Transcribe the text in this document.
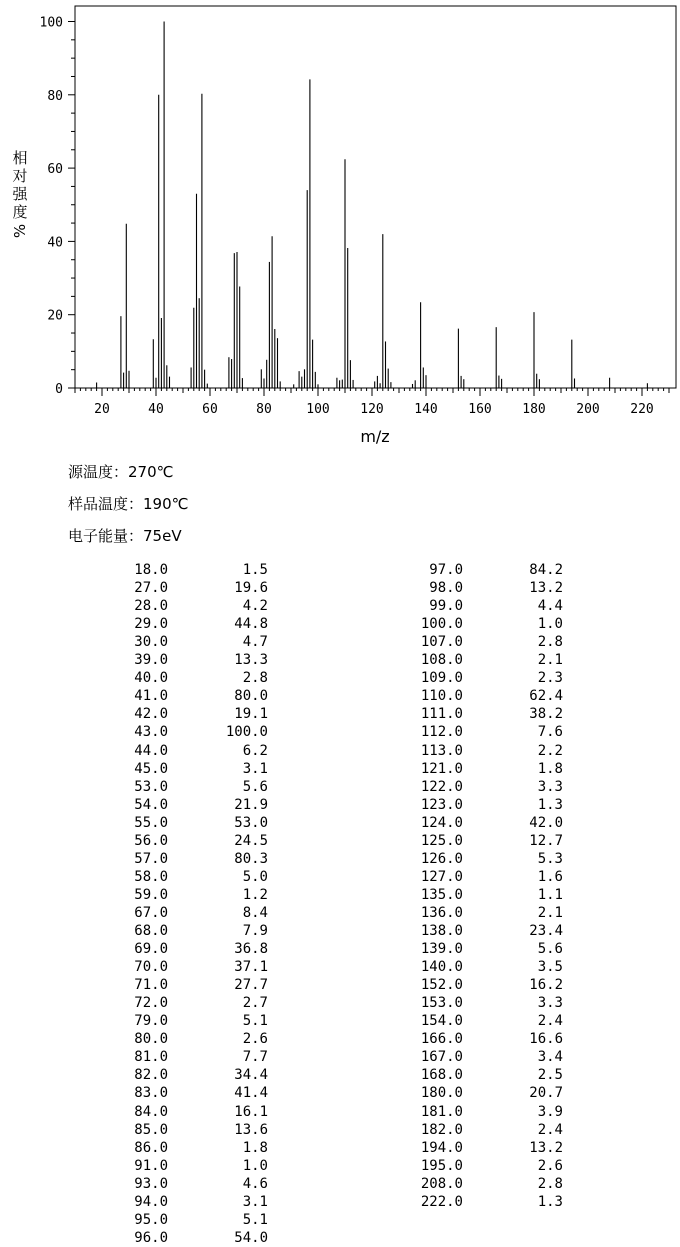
相
对
强
度
%
0
20
40
60
80
100
20	40	60	80	100 120 140 160 180 200 220
m/z
源温度：270℃
样品温度：190℃
电子能量：75eV
18.0	1.5
27.0	19.6
28.0	4.2
29.0	44.8
30.0	4.7
39.0	13.3
40.0	2.8
41.0	80.0
42.0	19.1
43.0	100.0
44.0	6.2
45.0	3.1
53.0	5.6
54.0	21.9
55.0	53.0
56.0	24.5
57.0	80.3
58.0	5.0
59.0	1.2
67.0	8.4
68.0	7.9
69.0	36.8
70.0	37.1
71.0	27.7
72.0	2.7
79.0	5.1
80.0	2.6
81.0	7.7
82.0	34.4
83.0	41.4
84.0	16.1
85.0	13.6
86.0	1.8
91.0	1.0
93.0	4.6
94.0	3.1
95.0	5.1
96.0	54.0
97.0	84.2
98.0	13.2
99.0	4.4
100.0	1.0
107.0	2.8
108.0	2.1
109.0	2.3
110.0	62.4
111.0	38.2
112.0	7.6
113.0	2.2
121.0	1.8
122.0	3.3
123.0	1.3
124.0	42.0
125.0	12.7
126.0	5.3
127.0	1.6
135.0	1.1
136.0	2.1
138.0	23.4
139.0	5.6
140.0	3.5
152.0	16.2
153.0	3.3
154.0	2.4
166.0	16.6
167.0	3.4
168.0	2.5
180.0	20.7
181.0	3.9
182.0	2.4
194.0	13.2
195.0	2.6
208.0	2.8
222.0	1.3
